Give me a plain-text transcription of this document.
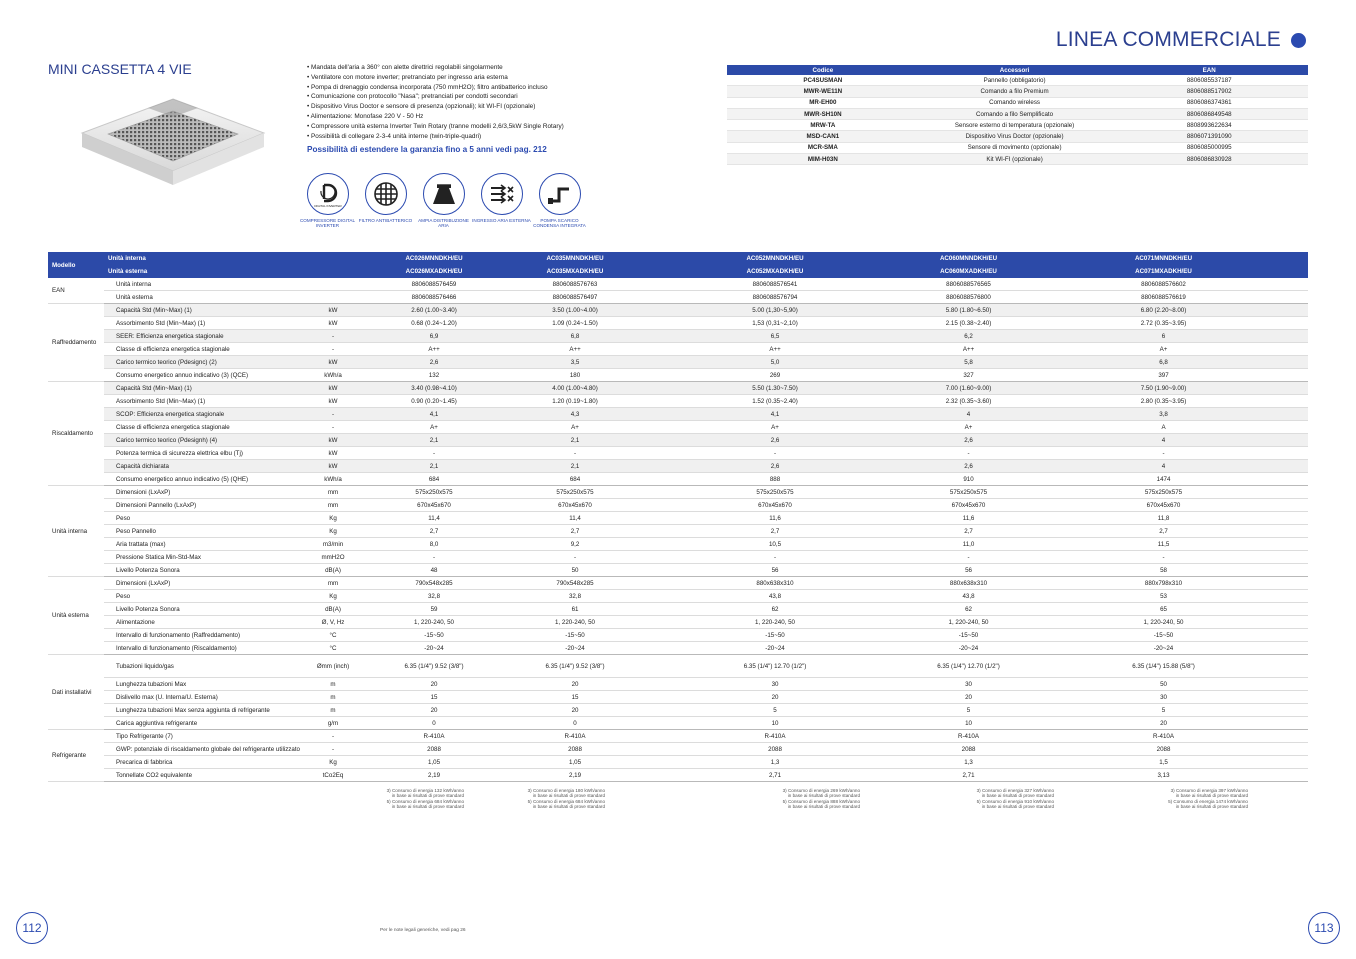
LINEA COMMERCIALE
MINI CASSETTA 4 VIE	• Mandata dell'aria a 360° con alette direttrici regolabili singolarmente
• Ventilatore con motore inverter; pretranciato per ingresso aria esterna
• Pompa di drenaggio condensa incorporata (750 mmH2O); filtro antibatterico incluso
• Comunicazione con protocollo "Nasa"; pretranciati per condotti secondari
• Dispositivo Virus Doctor e sensore di presenza (opzionali); kit WI-FI (opzionale)
• Alimentazione: Monofase 220 V - 50 Hz
• Compressore unità esterna Inverter Twin Rotary (tranne modelli 2,6/3,5kW Single Rotary)
• Possibilità di collegare 2-3-4 unità interne (twin-triple-quadri)
Possibilità di estendere la garanzia fino a 5 anni vedi pag. 212
DIGITAL INVERTER
COMPRESSORE DIGITAL INVERTER
FILTRO ANTIBATTERICO	AMPIA DISTRIBUZIONE ARIA
INGRESSO ARIA ESTERNA	POMPA SCARICO CONDENSA INTEGRATA
Codice	Accessori	EAN
PC4SUSMAN	Pannello (obbligatorio)	8806085537187
MWR-WE11N	Comando a filo Premium	8806088517902
MR-EH00	Comando wireless	8806086374361
MWR-SH10N	Comando a filo Semplificato	8806086849548
MRW-TA	Sensore esterno di temperatura (opzionale)	8808993622634
MSD-CAN1	Dispositivo Virus Doctor (opzionale)	8806071391090
MCR-SMA	Sensore di movimento (opzionale)	8806085000995
MIM-H03N	Kit WI-FI (opzionale)	8806086830928
Modello	Unità interna		AC026MNNDKH/EU	AC035MNNDKH/EU	AC052MNNDKH/EU	AC060MNNDKH/EU	AC071MNNDKH/EU
	Unità esterna		AC026MXADKH/EU	AC035MXADKH/EU	AC052MXADKH/EU	AC060MXADKH/EU	AC071MXADKH/EU
EAN	Unità interna		8806088576459	8806088576763	8806088576541	8806088576565	8806088576602
	Unità esterna		8806088576466	8806088576497	8806088576794	8806088576800	8806088576619
Raffreddamento	Capacità Std (Min~Max) (1)	kW	2.60 (1.00~3.40)	3.50 (1.00~4.00)	5.00 (1,30~5,90)	5.80 (1.80~6.50)	6.80 (2.20~8.00)
	Assorbimento Std (Min~Max) (1)	kW	0.68 (0.24~1.20)	1.09 (0.24~1.50)	1,53 (0,31~2,10)	2.15 (0.38~2.40)	2.72 (0.35~3.95)
	SEER: Efficienza energetica stagionale	-	6,9	6,8	6,5	6,2	6
	Classe di efficienza energetica stagionale	-	A++	A++	A++	A++	A+
	Carico termico teorico (Pdesignc) (2)	kW	2,6	3,5	5,0	5,8	6,8
	Consumo energetico annuo indicativo (3) (QCE)	kWh/a	132	180	269	327	397
Riscaldamento	Capacità Std (Min~Max) (1)	kW	3.40 (0.98~4.10)	4.00 (1.00~4.80)	5.50 (1.30~7.50)	7.00 (1.60~9.00)	7.50 (1.90~9.00)
	Assorbimento Std (Min~Max) (1)	kW	0.90 (0.20~1.45)	1.20 (0.19~1.80)	1.52 (0.35~2.40)	2.32 (0.35~3.60)	2.80 (0.35~3.95)
	SCOP: Efficienza energetica stagionale	-	4,1	4,3	4,1	4	3,8
	Classe di efficienza energetica stagionale	-	A+	A+	A+	A+	A
	Carico termico teorico (Pdesignh) (4)	kW	2,1	2,1	2,6	2,6	4
	Potenza termica di sicurezza elettrica elbu (Tj)	kW	-	-	-	-	-
	Capacità dichiarata	kW	2,1	2,1	2,6	2,6	4
	Consumo energetico annuo indicativo (5) (QHE)	kWh/a	684	684	888	910	1474
Unità interna	Dimensioni (LxAxP)	mm	575x250x575	575x250x575	575x250x575	575x250x575	575x250x575
	Dimensioni Pannello (LxAxP)	mm	670x45x670	670x45x670	670x45x670	670x45x670	670x45x670
	Peso	Kg	11,4	11,4	11,6	11,6	11,8
	Peso Pannello	Kg	2,7	2,7	2,7	2,7	2,7
	Aria trattata (max)	m3/min	8,0	9,2	10,5	11,0	11,5
	Pressione Statica Min-Std-Max	mmH2O	-	-	-	-	-
	Livello Potenza Sonora	dB(A)	48	50	56	56	58
Unità esterna	Dimensioni (LxAxP)	mm	790x548x285	790x548x285	880x638x310	880x638x310	880x798x310
	Peso	Kg	32,8	32,8	43,8	43,8	53
	Livello Potenza Sonora	dB(A)	59	61	62	62	65
	Alimentazione	Ø, V, Hz	1, 220-240, 50	1, 220-240, 50	1, 220-240, 50	1, 220-240, 50	1, 220-240, 50
	Intervallo di funzionamento (Raffreddamento)	°C	-15~50	-15~50	-15~50	-15~50	-15~50
	Intervallo di funzionamento (Riscaldamento)	°C	-20~24	-20~24	-20~24	-20~24	-20~24
Dati installativi	Tubazioni liquido/gas	Ømm (inch)	6.35 (1/4") 9.52 (3/8")	6.35 (1/4") 9.52 (3/8")	6.35 (1/4") 12.70 (1/2")	6.35 (1/4") 12.70 (1/2")	6.35 (1/4") 15.88 (5/8")
	Lunghezza tubazioni Max	m	20	20	30	30	50
	Dislivello max (U. Interna/U. Esterna)	m	15	15	20	20	30
	Lunghezza tubazioni Max senza aggiunta di refrigerante	m	20	20	5	5	5
	Carica aggiuntiva refrigerante	g/m	0	0	10	10	20
Refrigerante	Tipo Refrigerante (7)	-	R-410A	R-410A	R-410A	R-410A	R-410A
	GWP: potenziale di riscaldamento globale del refrigerante utilizzato	-	2088	2088	2088	2088	2088
	Precarica di fabbrica	Kg	1,05	1,05	1,3	1,3	1,5
	Tonnellate CO2 equivalente	tCo2Eq	2,19	2,19	2,71	2,71	3,13
3) Consumo di energia 132 kWh/anno
in base ai risultati di prove standard
5) Consumo di energia 684 kWh/anno
in base ai risultati di prove standard
3) Consumo di energia 180 kWh/anno
in base ai risultati di prove standard
5) Consumo di energia 684 kWh/anno
in base ai risultati di prove standard
3) Consumo di energia 269 kWh/anno
in base ai risultati di prove standard
5) Consumo di energia 888 kWh/anno
in base ai risultati di prove standard
3) Consumo di energia 327 kWh/anno
in base ai risultati di prove standard
5) Consumo di energia 910 kWh/anno
in base ai risultati di prove standard
3) Consumo di energia 397 kWh/anno
in base ai risultati di prove standard
5) Consumo di energia 1474 kWh/anno
in base ai risultati di prove standard
Per le note legali generiche, vedi pag 26
112	113
